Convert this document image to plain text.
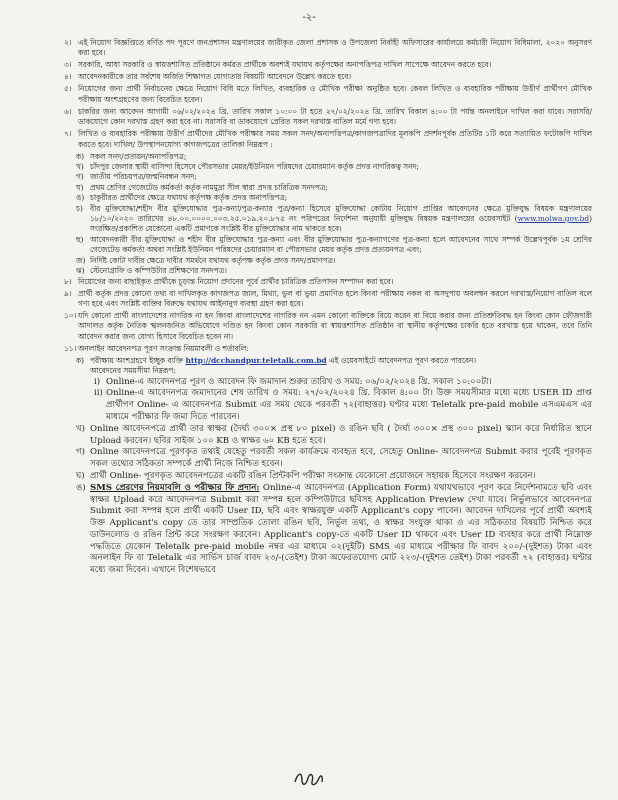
-২-
২। এই নিয়োগ বিজ্ঞপ্তিতে বর্ণিত পদ পূরণে জনপ্রশাসন মন্ত্রণালয়ের জারীকৃত জেলা প্রশাসক ও উপজেলা নির্বাহী অফিসারের কার্যালয়ে কর্মচারী নিয়োগ বিধিমালা, ২০২০ অনুসরণ করা হবে।
৩। সরকারি, আধা সরকারি ও স্বায়ত্তশাসিত প্রতিষ্ঠানে কর্মরত প্রার্থীকে অবশ্যই যথাযথ কর্তৃপক্ষের অনাপত্তিপত্র দাখিল সাপেক্ষে আবেদন করতে হবে।
৪। আবেদনকারীকে তার সর্বশেষ অর্জিত শিক্ষাগত যোগ্যতার বিষয়টি আবেদনে উল্লেখ করতে হবে।
৫। নিয়োগের জন্য প্রার্থী নির্বাচনের ক্ষেত্রে নিয়োগ বিধি মতে লিখিত, ব্যবহারিক ও মৌখিক পরীক্ষা অনুষ্ঠিত হবে। কেবল লিখিত ও ব্যবহারিক পরীক্ষায় উত্তীর্ণ প্রার্থীগণ মৌখিক পরীক্ষায় অংশগ্রহণের জন্য বিবেচিত হবেন।
৬। চাকরির জন্য আবেদন আগামী ০৬/০২/২০২৪ খ্রি. তারিখ সকাল ১০:০০ টা হতে ২৭/০২/২০২৪ খ্রি. তারিখ বিকাল ৪:০০ টা পর্যন্ত অনলাইনে দাখিল করা যাবে। সরাসরি/ ডাকযোগে কোন দরখাস্ত গ্রহণ করা হবে না। সরাসরি বা ডাকযোগে প্রেরিত সকল দরখাস্ত বাতিল মর্মে গণ্য হবে।
৭। লিখিত ও ব্যবহারিক পরীক্ষায় উত্তীর্ণ প্রার্থীদের মৌখিক পরীক্ষার সময় সকল সনদ/অনাপত্তিপত্র/কাগজপত্রাদির মূলকপি প্রদর্শনপূর্বক প্রতিটির ১টি করে সত্যায়িত ফটোকপি দাখিল করতে হবে। দাখিল/ উপস্থাপনযোগ্য কাগজপত্রের তালিকা নিম্নরূপ :
ক) সকল সনদ/প্রত্যয়ন/অনাপত্তিপত্র;
খ) চাঁদপুর জেলার স্থায়ী বাসিন্দা হিসেবে পৌরসভার মেয়র/ইউনিয়ন পরিষদের চেয়ারম্যান কর্তৃক প্রদত্ত নাগরিকত্ব সনদ;
গ) জাতীয় পরিচয়পত্র/জন্মনিবন্ধন সনদ;
ঘ) প্রথম শ্রেণির গেজেটেড কর্মকর্তা কর্তৃক নামমুদ্রা সীল স্বারা প্রদত্ত চারিত্রিক সনদপত্র;
ঙ) চাকুরীরত প্রার্থীদের ক্ষেত্রে যথাযথ কর্তৃপক্ষ কর্তৃক প্রদত্ত অনাপত্তিপত্র;
চ) বীর মুক্তিযোদ্ধা/শহীদ বীর মুক্তিযোদ্ধার পুত্র-কন্যা/পুত্র-কন্যার পুত্র/কন্যা হিসেবে মুক্তিযোদ্ধা কোটায় নিয়োগ প্রাপ্তির আবেদনের ক্ষেত্রে মুক্তিযুদ্ধ বিষয়ক মন্ত্রণালয়ের ১৮/১০/২০২০ তারিখের ৪৮.০০.০০০০.০০৩.২৫.০১৯.২০.৮৭৫ নং পরিপত্রের নির্দেশনা অনুযায়ী মুক্তিযুদ্ধ বিষয়ক মন্ত্রণালয়ের ওয়েবসাইট (www.molwa.gov.bd) সংরক্ষিত/প্রকাশিত যেকোনো একটি প্রমাণকে সংশ্লিষ্ট বীর মুক্তিযোদ্ধার নাম থাকতে হবে।
ছ) আবেদনকারী বীর মুক্তিযোদ্ধা ও শহীদ বীর মুক্তিযোদ্ধার পুত্র-কন্যা এবং বীর মুক্তিযোদ্ধার পুত্র-কন্যাগণের পুত্র-কন্যা হলে আবেদনের সাথে সম্পর্ক উল্লেখপূর্বক ১ম শ্রেণির গেজেটেড কর্মকর্তা অথবা সংশ্লিষ্ট ইউনিয়ন পরিষদের চেয়ারম্যান বা পৌরসভার মেয়র কর্তৃক প্রদত্ত প্রত্যয়নপত্র এবং;
জ) নির্দিষ্ট কোটা দাবীর ক্ষেত্রে দাবীর সমর্থনে যথাযথ কর্তৃপক্ষ কর্তৃক প্রদত্ত সনদ/প্রমাণপত্র।
ঝ) স্টেনোগ্রাফি ও কম্পিউটার প্রশিক্ষণের সনদপত্র।
৮। নিয়োগের জন্য বাছাইকৃত প্রার্থীকে চূড়ান্ত নিয়োগ প্রদানের পূর্বে প্রার্থীর চারিত্রিক প্রতিপাদন সম্পাদন করা হবে।
৯। প্রার্থী কর্তৃক প্রদত্ত কোনো তথ্য বা দাখিলকৃত কাগজপত্র জাল, মিথ্যা, ভুল বা ভুয়া প্রমাণিত হলে কিংবা পরীক্ষায় নকল বা অসদুপায় অবলম্বন করলে দরখাস্ত/নিয়োগ বাতিল বলে গণ্য হবে এবং সংশ্লিষ্ট ব্যক্তির বিরুদ্ধে যথাযথ আইনানুগ ব্যবস্থা গ্রহণ করা হবে।
১০। যদি কোনো প্রার্থী বাংলাদেশের নাগরিক না হন কিংবা বাংলাদেশের নাগরিক নন এমন কোনো ব্যক্তিকে বিয়ে করেন বা বিয়ে করার জন্য প্রতিশ্রুতিবদ্ধ হন কিংবা কোন ফৌজদারী আদালত কর্তৃক নৈতিক স্খলনজনিত অভিযোগে দণ্ডিত হন কিংবা কোন সরকারি বা স্বায়ত্তশাসিত প্রতিষ্ঠান বা স্থানীয় কর্তৃপক্ষের চাকরি হতে বরখাস্ত হয়ে থাকেন, তবে তিনি আবেদন করার জন্য যোগ্য হিসাবে বিবেচিত হবেন না।
১১। অনলাইন আবেদনপত্র পূরণ সংক্রান্ত নিয়মাবলী ও শর্তাবলি:
ক) পরীক্ষায় অংশগ্রহণে ইচ্ছুক ব্যক্তি http://dcchandpur.teletalk.com.bd এই ওয়েবসাইটে আবেদনপত্র পূরণ করতে পারবেন।
আবেদনের সময়সীমা নিম্নরূপ:
i) Online-এ আবেদনপত্র পূরণ ও আবেদন ফি জমাদান শুরুর তারিখ ও সময়: ০৬/০২/২০২৪ খ্রি. সকাল ১০:০০টা।
ii) Online-এ আবেদনপত্র জমাদানের শেষ তারিখ ও সময়: ২৭/০২/২০২৪ খ্রি. বিকাল ৪:০০ টা। উক্ত সময়সীমার মধ্যে মধ্যে USER ID প্রাপ্ত প্রার্থীগণ Online- এ আবেদনপত্র Submit এর সময় থেকে পরবর্তী ৭২(বাহাত্তর) ঘণ্টার মধ্যে Teletalk pre-paid mobile এসএমএস এর মাধ্যমে পরীক্ষার ফি জমা দিতে পারবেন।
খ) Online আবেদনপত্রে প্রার্থী তার স্বাক্ষর (দৈর্ঘ্য ৩০০× প্রস্থ ৮০ pixel) ও রঙিন ছবি ( দৈর্ঘ্য ৩০০× প্রস্থ ৩০০ pixel) স্ক্যান করে নির্ধারিত স্থানে Upload করবেন। ছবির সাইজ ১০০ KB ও স্বাক্ষর ৬০ KB হতে হবে।
গ) Online আবেদনপত্রে পূরণকৃত তথ্যই যেহেতু পরবর্তী সকল কার্যক্রমে ব্যবহৃত হবে, সেহেতু Online- আবেদনপত্র Submit করার পূর্বেই পূরণকৃত সকল তথ্যের সঠিকতা সম্পর্কে প্রার্থী নিজে নিশ্চিত হবেন।
ঘ) প্রার্থী Online- পূরণকৃত আবেদনপত্রের একটি রঙিন প্রিন্টকপি পরীক্ষা সংক্রান্ত যেকোনো প্রয়োজনে সহায়ক হিসেবে সংরক্ষণ করবেন।
ঙ) SMS প্রেরণের নিয়মাবলি ও পরীক্ষার ফি প্রদান: Online-এ আবেদনপত্র (Application Form) যথাযথভাবে পূরণ করে নির্দেশনামতে ছবি এবং স্বাক্ষর Upload করে আবেদনপত্র Submit করা সম্পন্ন হলে কম্পিউটারে ছবিসহ Application Preview দেখা যাবে। নির্ভুলভাবে আবেদনপত্র Submit করা সম্পন্ন হলে প্রার্থী একটি User ID, ছবি এবং স্বাক্ষরযুক্ত একটি Applicant's copy পাবেন। আবেদন দাখিলের পূর্বে প্রার্থী অবশ্যই উক্ত Applicant's copy তে তার সাম্প্রতিক তোলা রঙিন ছবি, নির্ভুল তথ্য, ও স্বাক্ষর সংযুক্ত থাকা ও এর সঠিকতার বিষয়টি নিশ্চিত করে ডাউনলোড ও রঙিন প্রিন্ট করে সংরক্ষণ করবেন। Applicant's copy-তে একটি User ID থাকবে এবং User ID ব্যবহার করে প্রার্থী নিম্নোক্ত পদ্ধতিতে যেকোন Teletalk pre-paid mobile নম্বর এর মাধ্যমে ০২(দুইটি) SMS এর মাধ্যমে পরীক্ষার ফি বাবদ ২০০/-(দুইশত) টাকা এবং অনলাইন ফি বা Teletalk এর সার্ভিস চার্জ বাবদ ২৩/-(তেইশ) টাকা অফেরতযোগ্য মোট ২২৩/-(দুইশত তেইশ) টাকা পরবর্তী ৭২ (বাহাত্তর) ঘণ্টার মধ্যে জমা দিবেন। এখানে বিশেষভাবে
